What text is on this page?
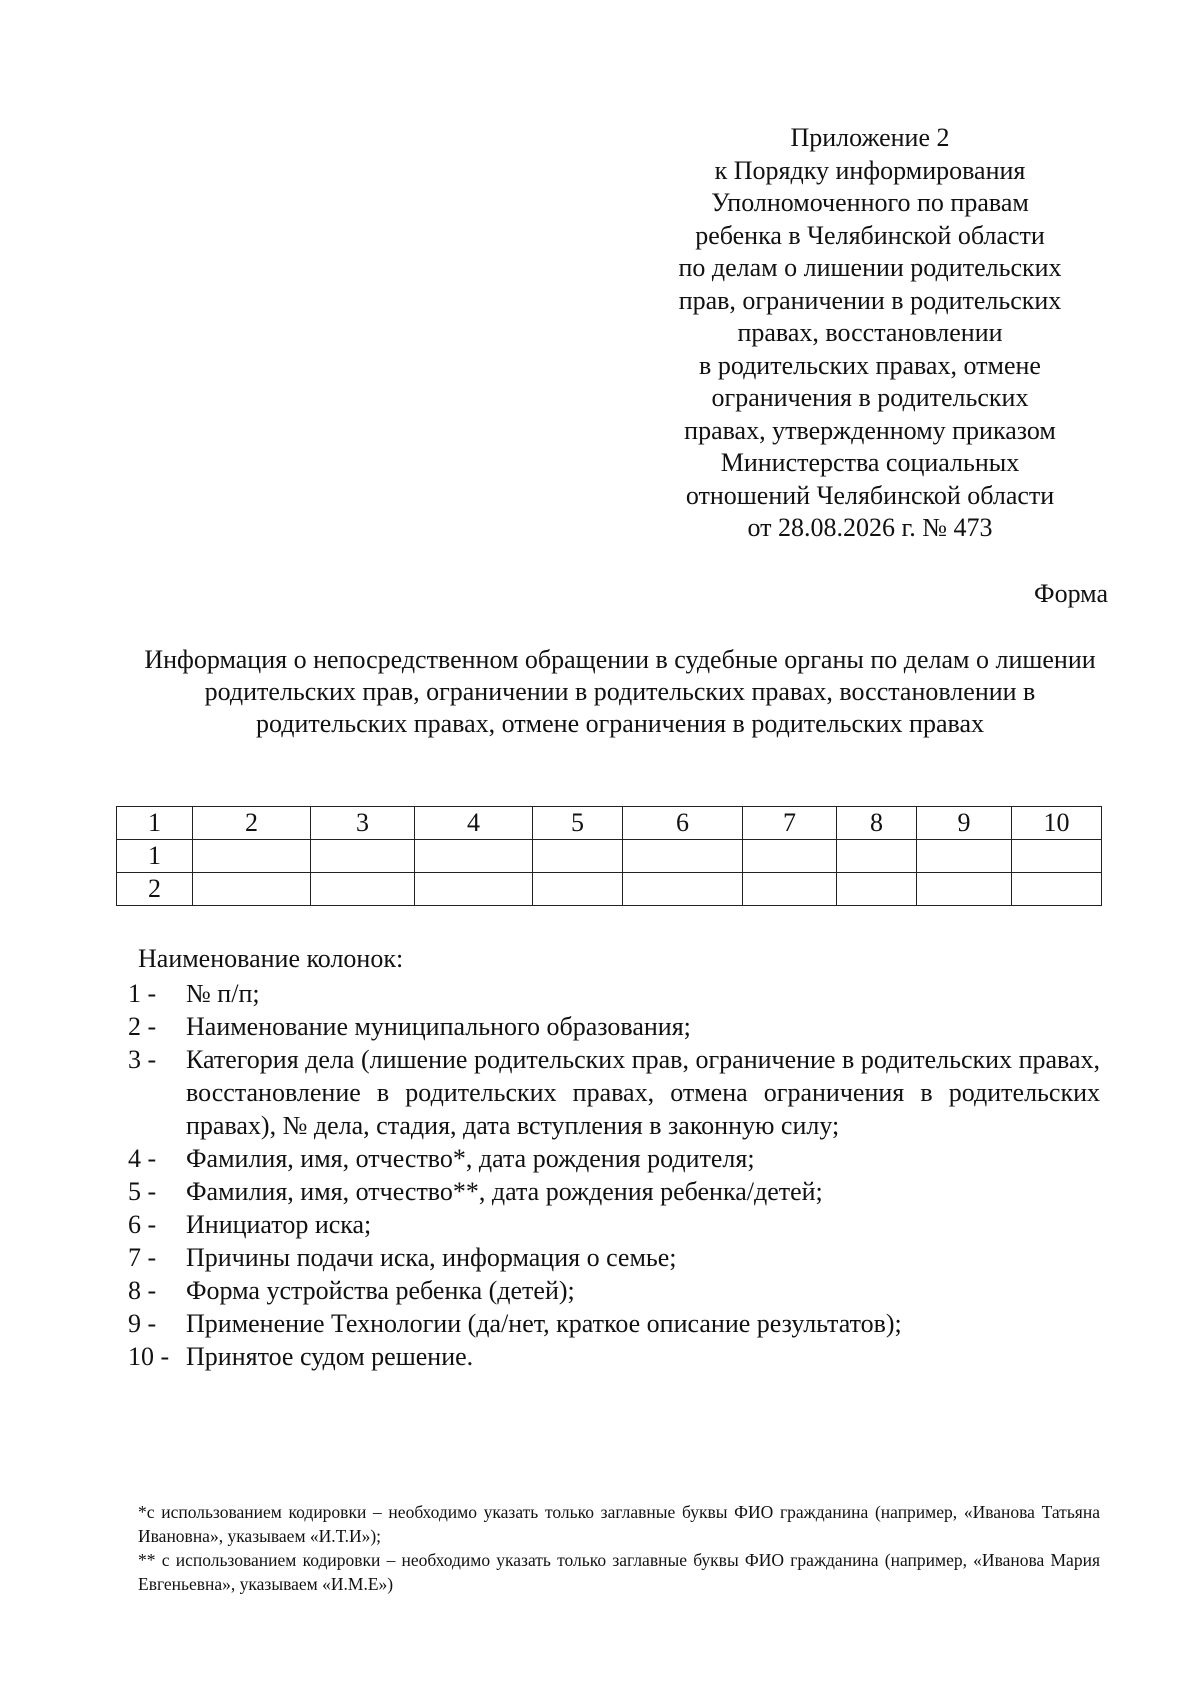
Приложение 2
к Порядку информирования
Уполномоченного по правам
ребенка в Челябинской области
по делам о лишении родительских
прав, ограничении в родительских
правах, восстановлении
в родительских правах, отмене
ограничения в родительских
правах, утвержденному приказом
Министерства социальных
отношений Челябинской области
от 28.08.2026 г. № 473
Форма
Информация о непосредственном обращении в судебные органы по делам о лишении родительских прав, ограничении в родительских правах, восстановлении в родительских правах, отмене ограничения в родительских правах
1	2	3	4	5	6	7	8	9	10
1									
2									
Наименование колонок:
1 -	№ п/п;
2 -	Наименование муниципального образования;
3 -	Категория дела (лишение родительских прав, ограничение в родительских правах, восстановление в родительских правах, отмена ограничения в родительских правах), № дела, стадия, дата вступления в законную силу;
4 -	Фамилия, имя, отчество*, дата рождения родителя;
5 -	Фамилия, имя, отчество**, дата рождения ребенка/детей;
6 -	Инициатор иска;
7 -	Причины подачи иска, информация о семье;
8 -	Форма устройства ребенка (детей);
9 -	Применение Технологии (да/нет, краткое описание результатов);
10 - Принятое судом решение.

*с использованием кодировки – необходимо указать только заглавные буквы ФИО гражданина (например, «Иванова Татьяна Ивановна», указываем «И.Т.И»);

** с использованием кодировки – необходимо указать только заглавные буквы ФИО гражданина (например, «Иванова Мария Евгеньевна», указываем «И.М.Е»)
